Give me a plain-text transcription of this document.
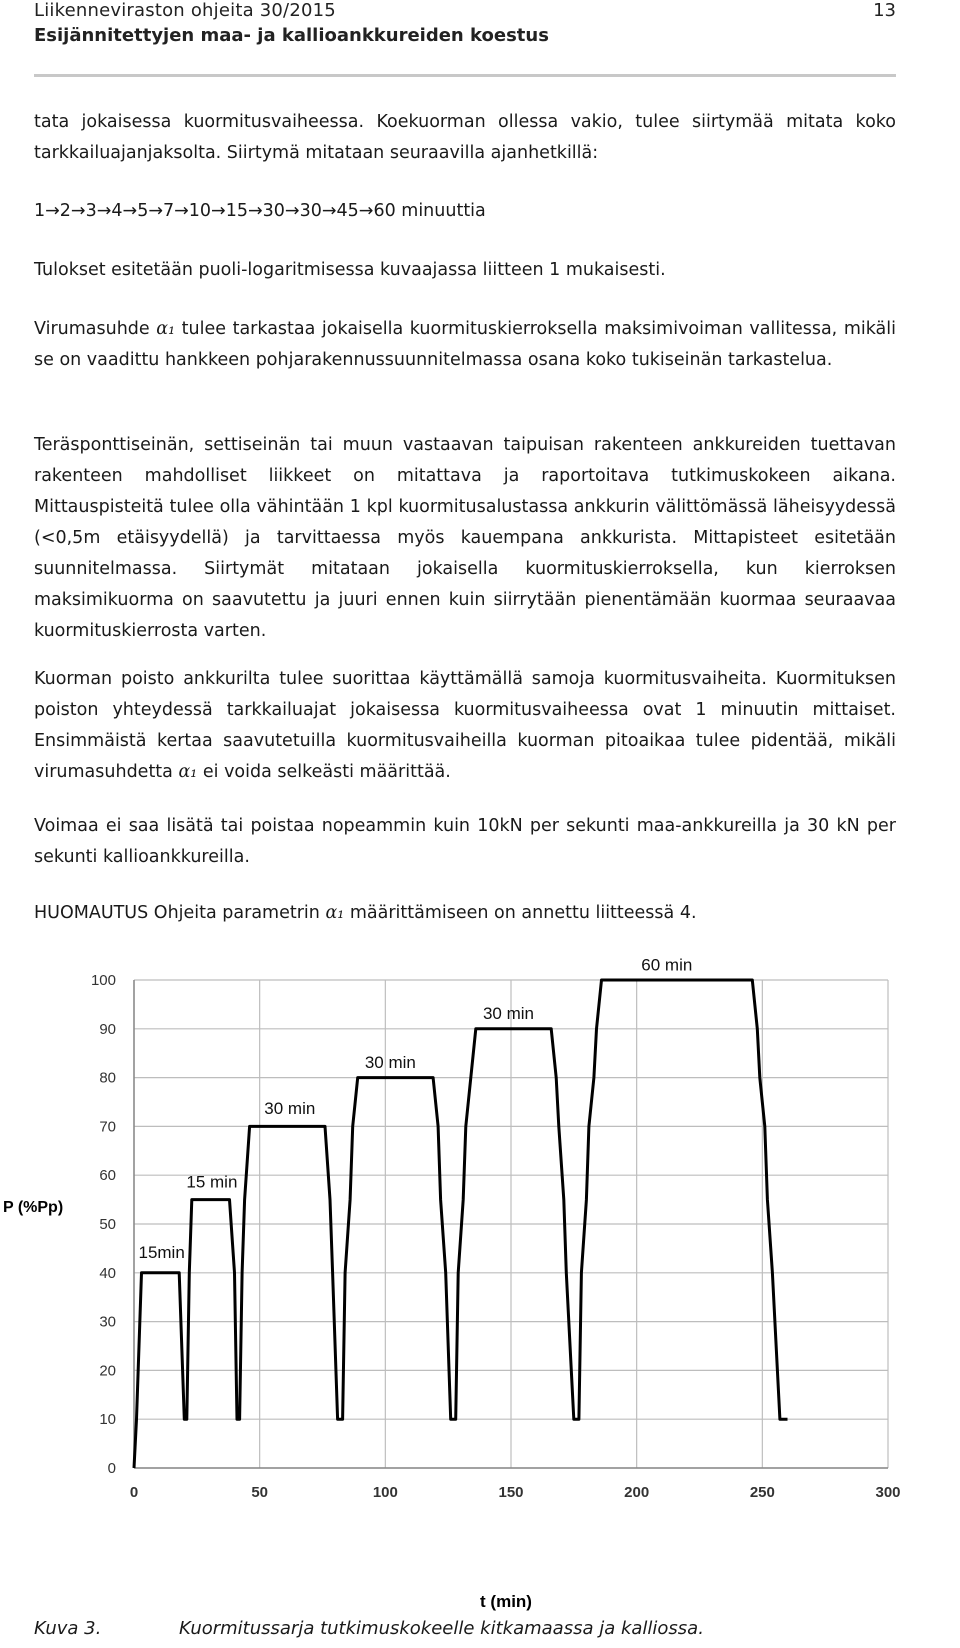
Liikenneviraston ohjeita 30/2015
Esijännitettyjen maa- ja kallioankkureiden koestus
13

tata jokaisessa kuormitusvaiheessa. Koekuorman ollessa vakio, tulee siirtymää mitata koko tarkkailuajanjaksolta. Siirtymä mitataan seuraavilla ajanhetkillä:

1→2→3→4→5→7→10→15→30→30→45→60 minuuttia

Tulokset esitetään puoli-logaritmisessa kuvaajassa liitteen 1 mukaisesti.

Virumasuhde α₁ tulee tarkastaa jokaisella kuormituskierroksella maksimivoiman vallitessa, mikäli se on vaadittu hankkeen pohjarakennussuunnitelmassa osana koko tukiseinän tarkastelua.

Teräsponttiseinän, settiseinän tai muun vastaavan taipuisan rakenteen ankkureiden tuettavan rakenteen mahdolliset liikkeet on mitattava ja raportoitava tutkimuskokeen aikana. Mittauspisteitä tulee olla vähintään 1 kpl kuormitusalustassa ankkurin välittömässä läheisyydessä (<0,5m etäisyydellä) ja tarvittaessa myös kauempana ankkurista. Mittapisteet esitetään suunnitelmassa. Siirtymät mitataan jokaisella kuormituskierroksella, kun kierroksen maksimikuorma on saavutettu ja juuri ennen kuin siirrytään pienentämään kuormaa seuraavaa kuormituskierrosta varten.

Kuorman poisto ankkurilta tulee suorittaa käyttämällä samoja kuormitusvaiheita. Kuormituksen poiston yhteydessä tarkkailuajat jokaisessa kuormitusvaiheessa ovat 1 minuutin mittaiset. Ensimmäistä kertaa saavutetuilla kuormitusvaiheilla kuorman pitoaikaa tulee pidentää, mikäli virumasuhdetta α₁ ei voida selkeästi määrittää.

Voimaa ei saa lisätä tai poistaa nopeammin kuin 10kN per sekunti maa-ankkureilla ja 30 kN per sekunti kallioankkureilla.

HUOMAUTUS Ohjeita parametrin α₁ määrittämiseen on annettu liitteessä 4.

0
10
20
30
40
50
60
70
80
90
100
0	50	100	150	200	250	300
15min
15 min
30 min
30 min
30 min
60 min
P (%Pp)
t (min)
Kuva 3.	Kuormitussarja tutkimuskokeelle kitkamaassa ja kalliossa.
